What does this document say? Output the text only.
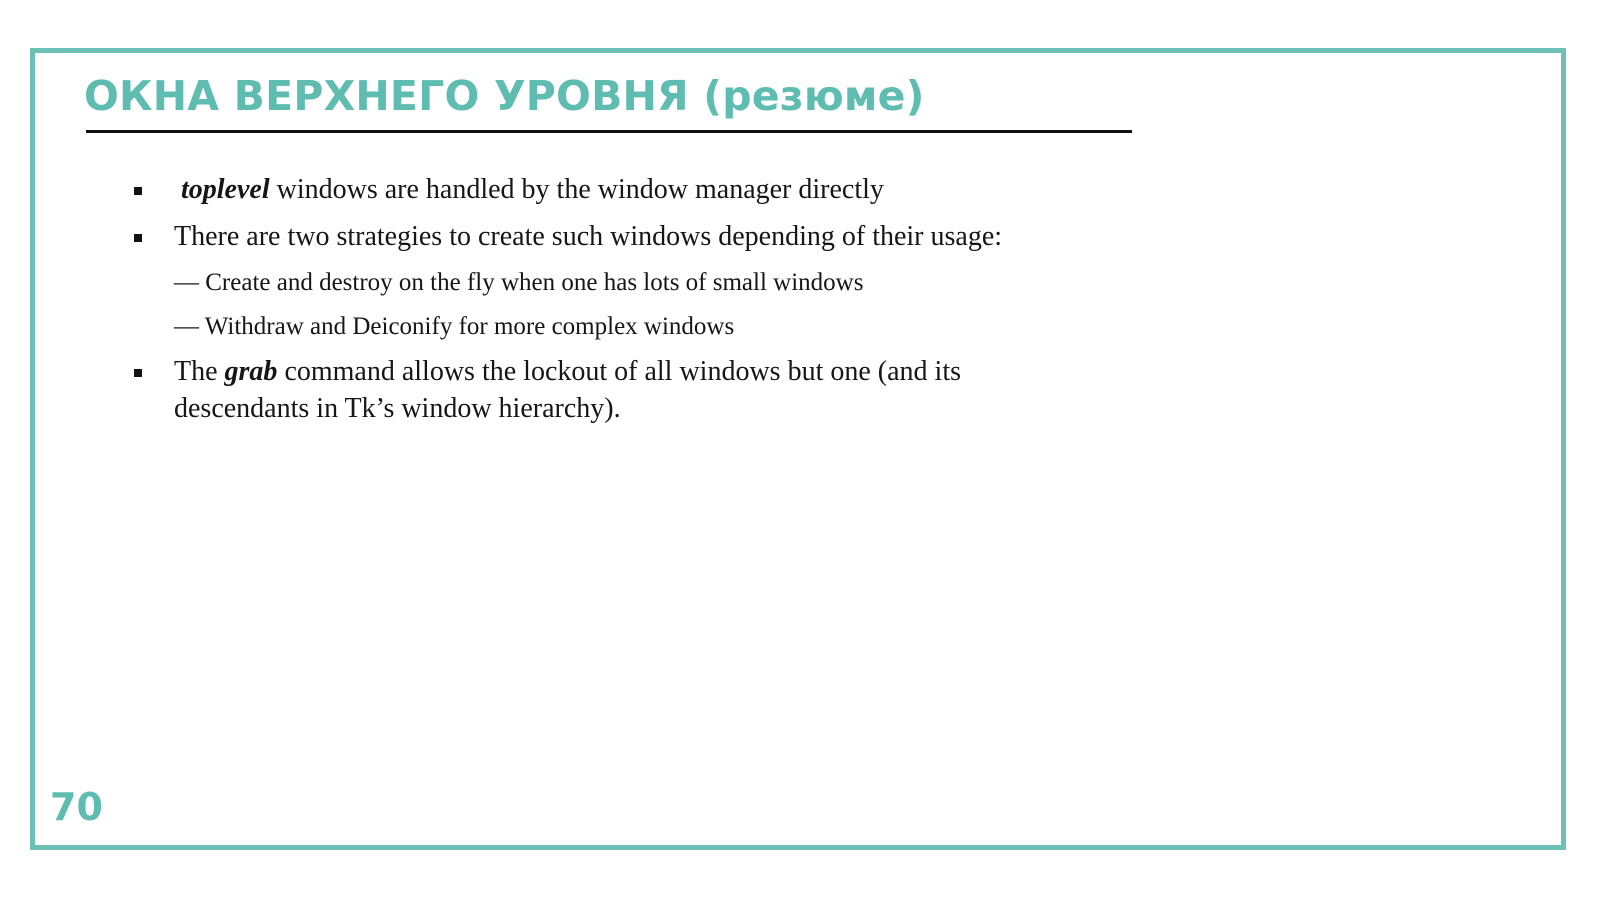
ОКНА ВЕРХНЕГО УРОВНЯ (резюме)
toplevel windows are handled by the window manager directly
There are two strategies to create such windows depending of their usage:
— Create and destroy on the fly when one has lots of small windows
— Withdraw and Deiconify for more complex windows
The grab command allows the lockout of all windows but one (and its
descendants in Tk’s window hierarchy).
70
